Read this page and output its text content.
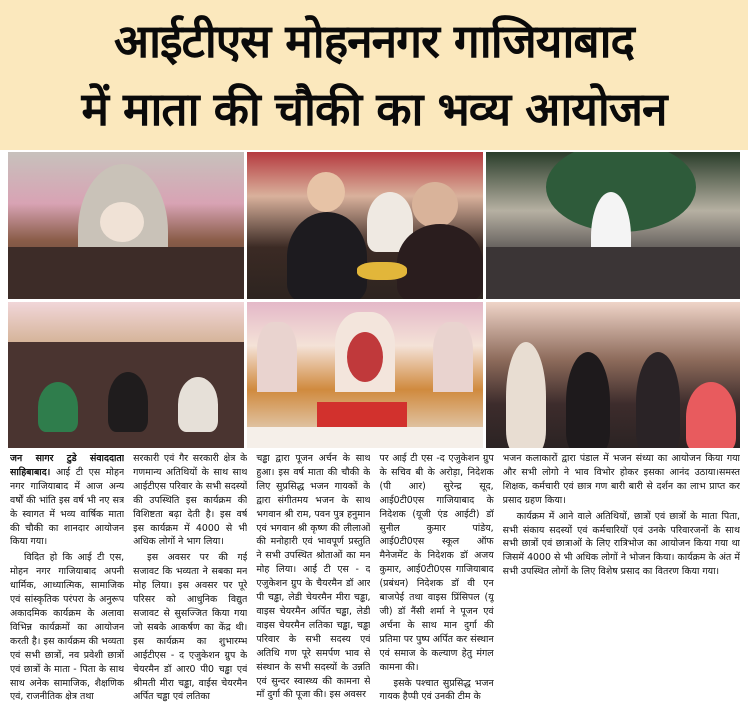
आईटीएस मोहननगर गाजियाबाद
में माता की चौकी का भव्य आयोजन

जन सागर टुडे संवाददाता साहिबाबाद। आई टी एस मोहन नगर गाजियाबाद में आज अन्य वर्षों की भांति इस वर्ष भी नए सत्र के स्वागत में भव्य वार्षिक माता की चौकी का शानदार आयोजन किया गया।

विदित हो कि आई टी एस, मोहन नगर गाजियाबाद अपनी धार्मिक, आध्यात्मिक, सामाजिक एवं सांस्कृतिक परंपरा के अनुरूप अकादमिक कार्यक्रम के अलावा विभिन्न कार्यक्रमों का आयोजन करती है। इस कार्यक्रम की भव्यता एवं सभी छात्रों, नव प्रवेशी छात्रों एवं छात्रों के माता - पिता के साथ साथ अनेक सामाजिक, शैक्षणिक एवं, राजनीतिक क्षेत्र तथा

सरकारी एवं गैर सरकारी क्षेत्र के गणमान्य अतिथियों के साथ साथ आईटीएस परिवार के सभी सदस्यों की उपस्थिति इस कार्यक्रम की विशिष्टता बढ़ा देती है। इस वर्ष इस कार्यक्रम में 4000 से भी अधिक लोगों ने भाग लिया।

इस अवसर पर की गई सजावट कि भव्यता ने सबका मन मोह लिया। इस अवसर पर पूरे परिसर को आधुनिक विद्युत सजावट से सुसज्जित किया गया जो सबके आकर्षण का केंद्र थी। इस कार्यक्रम का शुभारम्भ आईटीएस - द एजुकेशन ग्रुप के चेयरमैन डॉ आर0 पी0 चड्ढा एवं श्रीमती मीरा चड्ढा, वाईस चेयरमैन अर्पित चड्ढा एवं लतिका

चड्ढा द्वारा पूजन अर्चन के साथ हुआ। इस वर्ष माता की चौकी के लिए सुप्रसिद्ध भजन गायकों के द्वारा संगीतमय भजन के साथ भगवान श्री राम, पवन पुत्र हनुमान एवं भगवान श्री कृष्ण की लीलाओं की मनोहारी एवं भावपूर्ण प्रस्तुति ने सभी उपस्थित श्रोताओं का मन मोह लिया। आई टी एस - द एजुकेशन ग्रुप के चैयरमैन डॉ आर पी चड्ढा, लेडी चेयरमैन मीरा चड्ढा, वाइस चेयरमैन अर्पित चड्ढा, लेडी वाइस चेयरमैन लतिका चड्ढा, चड्ढा परिवार के सभी सदस्य एवं अतिथि गण पूरे समर्पण भाव से संस्थान के सभी सदस्यों के उन्नति एवं सुन्दर स्वास्थ्य की कामना से माँ दुर्गा की पूजा की। इस अवसर

पर आई टी एस -द एजुकेशन ग्रुप के सचिव बी के अरोड़ा, निदेशक (पी आर) सुरेन्द्र सूद, आई0टी0एस गाजियाबाद के निदेशक (यूजी एंड आईटी) डॉ सुनील कुमार पांडेय, आई0टी0एस स्कूल ऑफ मैनेजमेंट के निदेशक डॉ अजय कुमार, आई0टी0एस गाजियाबाद (प्रबंधन) निदेशक डॉ वी एन बाजपेई तथा वाइस प्रिंसिपल (यू जी) डॉ नैंसी शर्मा ने पूजन एवं अर्चना के साथ मान दुर्गा की प्रतिमा पर पुष्प अर्पित कर संस्थान एवं समाज के कल्याण हेतु मंगल कामना की।

इसके पश्चात सुप्रसिद्ध भजन गायक हैप्पी एवं उनकी टीम के

भजन कलाकारों द्वारा पंडाल में भजन संध्या का आयोजन किया गया और सभी लोगो ने भाव विभोर होकर इसका आनंद उठाया।समस्त शिक्षक, कर्मचारी एवं छात्र गण बारी बारी से दर्शन का लाभ प्राप्त कर प्रसाद ग्रहण किया।

कार्यक्रम में आने वाले अतिथियों, छात्रों एवं छात्रों के माता पिता, सभी संकाय सदस्यों एवं कर्मचारियों एवं उनके परिवारजनों के साथ सभी छात्रों एवं छात्राओं के लिए रात्रिभोज का आयोजन किया गया था जिसमें 4000 से भी अधिक लोगों ने भोजन किया। कार्यक्रम के अंत में सभी उपस्थित लोगों के लिए विशेष प्रसाद का वितरण किया गया।
